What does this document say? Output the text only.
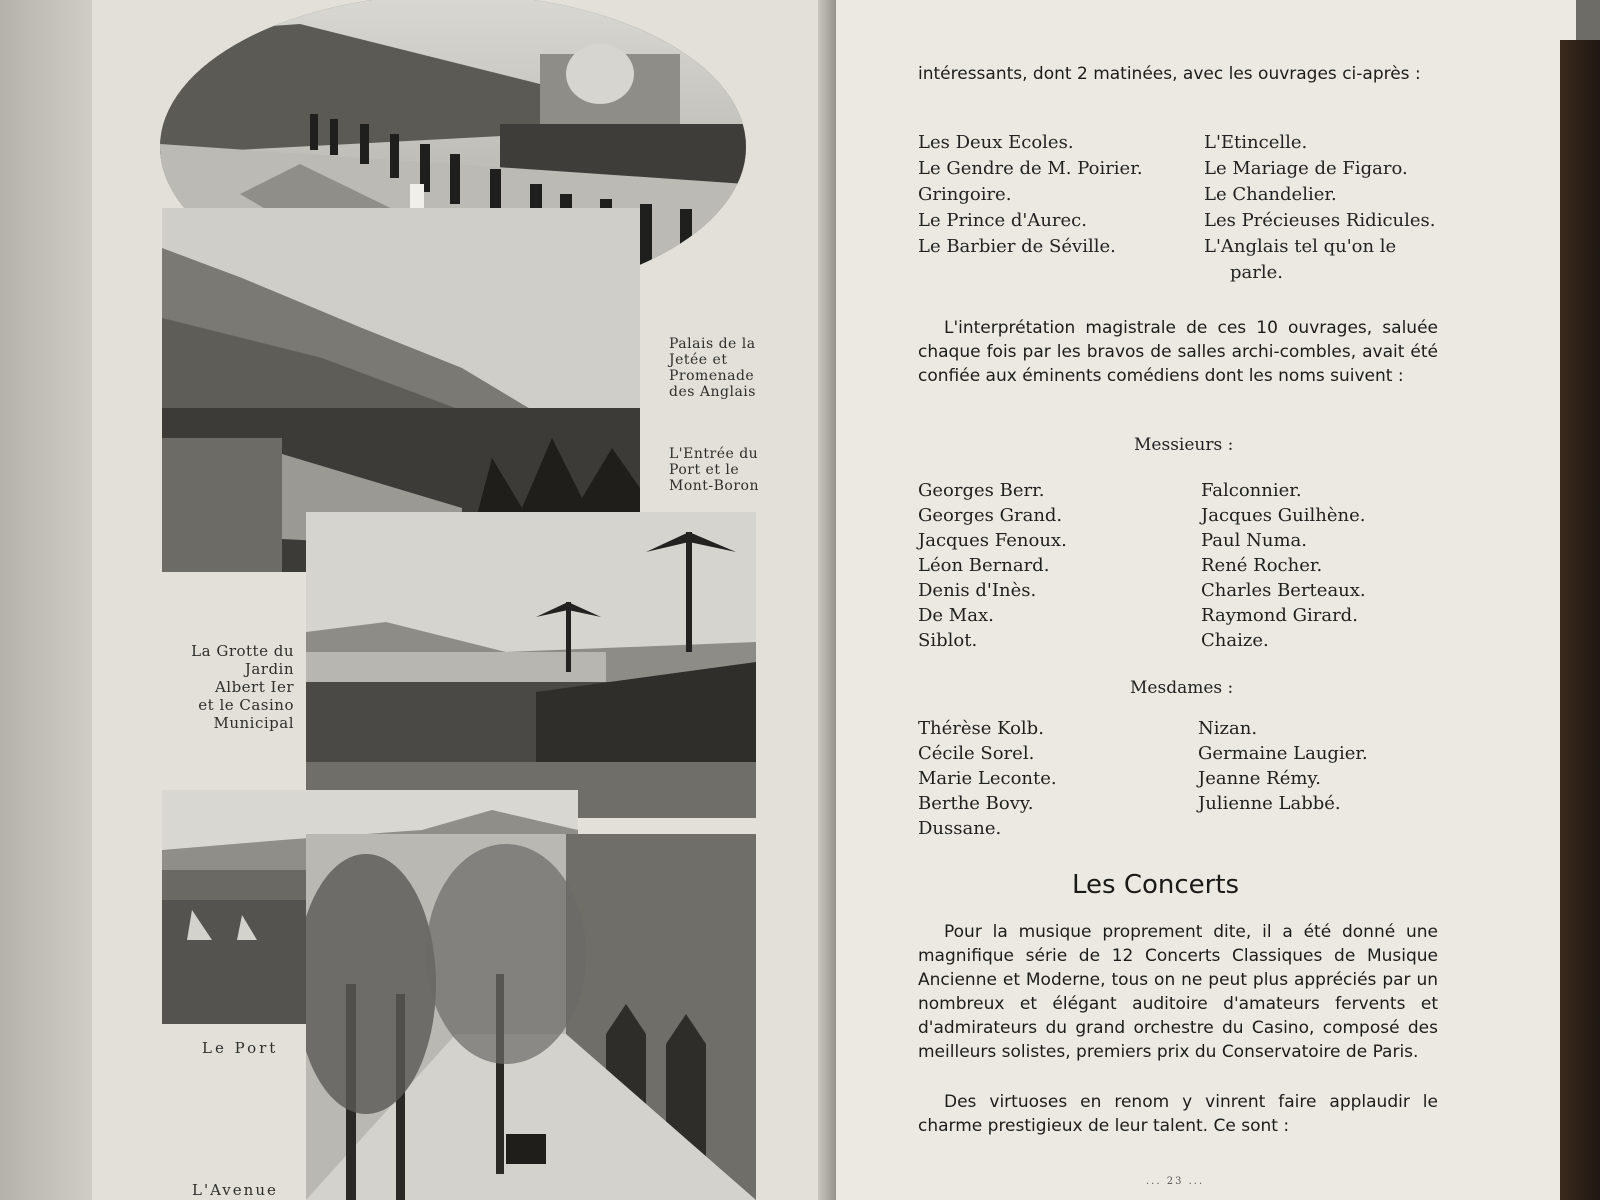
Palais de la
Jetée et
Promenade
des Anglais
L'Entrée du
Port et le
Mont-Boron
La Grotte du
Jardin
Albert Ier
et le Casino
Municipal
Le Port
L'Avenue
intéressants, dont 2 matinées, avec les ouvrages ci-après :
Les Deux Ecoles.
Le Gendre de M. Poirier.
Gringoire.
Le Prince d'Aurec.
Le Barbier de Séville.
L'Etincelle.
Le Mariage de Figaro.
Le Chandelier.
Les Précieuses Ridicules.
L'Anglais tel qu'on le
parle.
L'interprétation magistrale de ces 10 ouvrages, saluée chaque fois par les bravos de salles archi-combles, avait été confiée aux éminents comédiens dont les noms suivent :
Messieurs :
Georges Berr.
Georges Grand.
Jacques Fenoux.
Léon Bernard.
Denis d'Inès.
De Max.
Siblot.
Falconnier.
Jacques Guilhène.
Paul Numa.
René Rocher.
Charles Berteaux.
Raymond Girard.
Chaize.
Mesdames :
Thérèse Kolb.
Cécile Sorel.
Marie Leconte.
Berthe Bovy.
Dussane.
Nizan.
Germaine Laugier.
Jeanne Rémy.
Julienne Labbé.
Les Concerts
Pour la musique proprement dite, il a été donné une magnifique série de 12 Concerts Classiques de Musique Ancienne et Moderne, tous on ne peut plus appréciés par un nombreux et élégant auditoire d'amateurs fervents et d'admirateurs du grand orchestre du Casino, composé des meilleurs solistes, premiers prix du Conservatoire de Paris.
Des virtuoses en renom y vinrent faire applaudir le charme prestigieux de leur talent. Ce sont :
... 23 ...
